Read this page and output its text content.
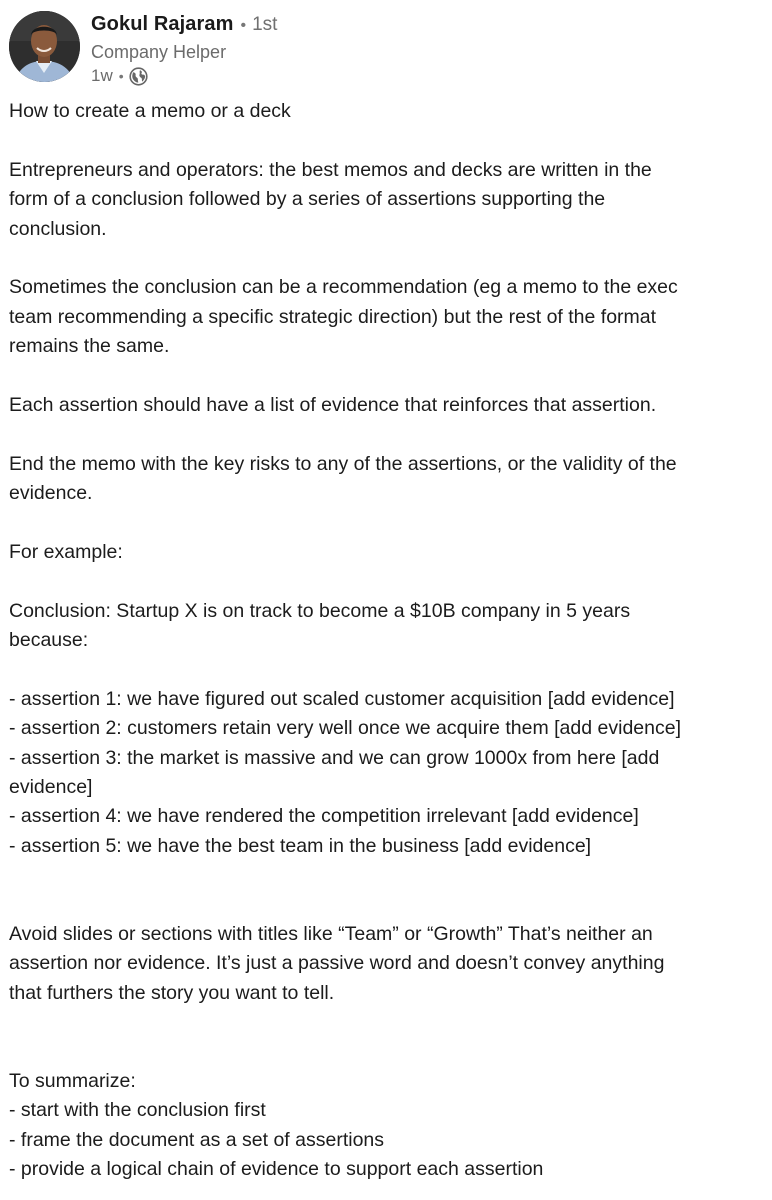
Gokul Rajaram • 1st
Company Helper
1w •
How to create a memo or a deck
Entrepreneurs and operators: the best memos and decks are written in the
form of a conclusion followed by a series of assertions supporting the
conclusion.
Sometimes the conclusion can be a recommendation (eg a memo to the exec
team recommending a specific strategic direction) but the rest of the format
remains the same.
Each assertion should have a list of evidence that reinforces that assertion.
End the memo with the key risks to any of the assertions, or the validity of the
evidence.
For example:
Conclusion: Startup X is on track to become a $10B company in 5 years
because:
- assertion 1: we have figured out scaled customer acquisition [add evidence]
- assertion 2: customers retain very well once we acquire them [add evidence]
- assertion 3: the market is massive and we can grow 1000x from here [add
evidence]
- assertion 4: we have rendered the competition irrelevant [add evidence]
- assertion 5: we have the best team in the business [add evidence]
Avoid slides or sections with titles like “Team” or “Growth” That’s neither an
assertion nor evidence. It’s just a passive word and doesn’t convey anything
that furthers the story you want to tell.
To summarize:
- start with the conclusion first
- frame the document as a set of assertions
- provide a logical chain of evidence to support each assertion
